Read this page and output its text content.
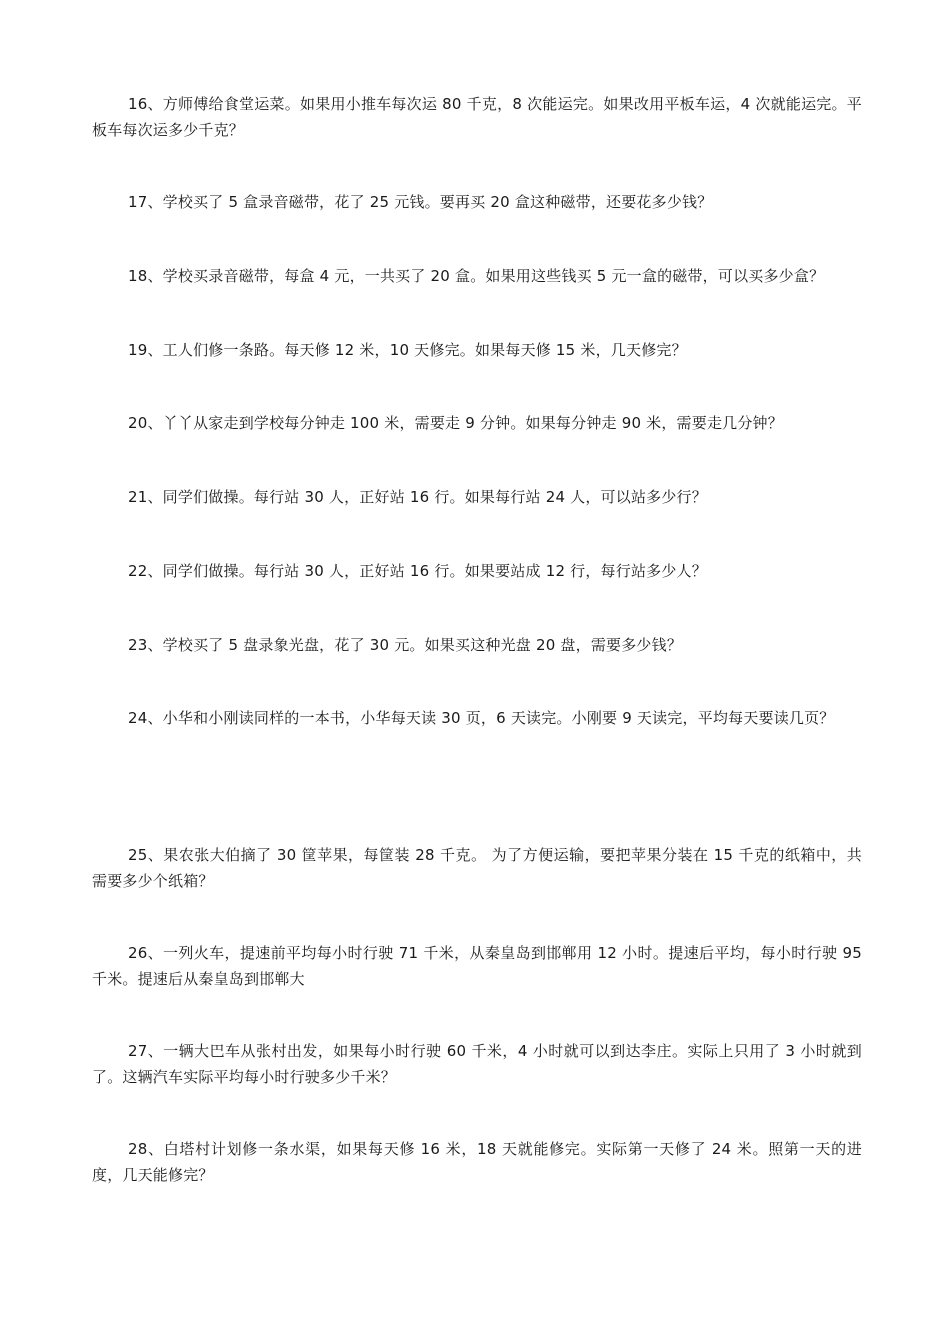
16、方师傅给食堂运菜。如果用小推车每次运 80 千克，8 次能运完。如果改用平板车运，4 次就能运完。平板车每次运多少千克？

17、学校买了 5 盒录音磁带，花了 25 元钱。要再买 20 盒这种磁带，还要花多少钱？

18、学校买录音磁带，每盒 4 元，一共买了 20 盒。如果用这些钱买 5 元一盒的磁带，可以买多少盒？

19、工人们修一条路。每天修 12 米，10 天修完。如果每天修 15 米，几天修完？

20、丫丫从家走到学校每分钟走 100 米，需要走 9 分钟。如果每分钟走 90 米，需要走几分钟？

21、同学们做操。每行站 30 人，正好站 16 行。如果每行站 24 人，可以站多少行？

22、同学们做操。每行站 30 人，正好站 16 行。如果要站成 12 行，每行站多少人？

23、学校买了 5 盘录象光盘，花了 30 元。如果买这种光盘 20 盘，需要多少钱？

24、小华和小刚读同样的一本书，小华每天读 30 页，6 天读完。小刚要 9 天读完，平均每天要读几页？

25、果农张大伯摘了 30 筐苹果，每筐装 28 千克。 为了方便运输，要把苹果分装在 15 千克的纸箱中，共需要多少个纸箱？

26、一列火车，提速前平均每小时行驶 71 千米，从秦皇岛到邯郸用 12 小时。提速后平均，每小时行驶 95 千米。提速后从秦皇岛到邯郸大

27、一辆大巴车从张村出发，如果每小时行驶 60 千米，4 小时就可以到达李庄。实际上只用了 3 小时就到了。这辆汽车实际平均每小时行驶多少千米？

28、白塔村计划修一条水渠，如果每天修 16 米，18 天就能修完。实际第一天修了 24 米。照第一天的进度，几天能修完？
